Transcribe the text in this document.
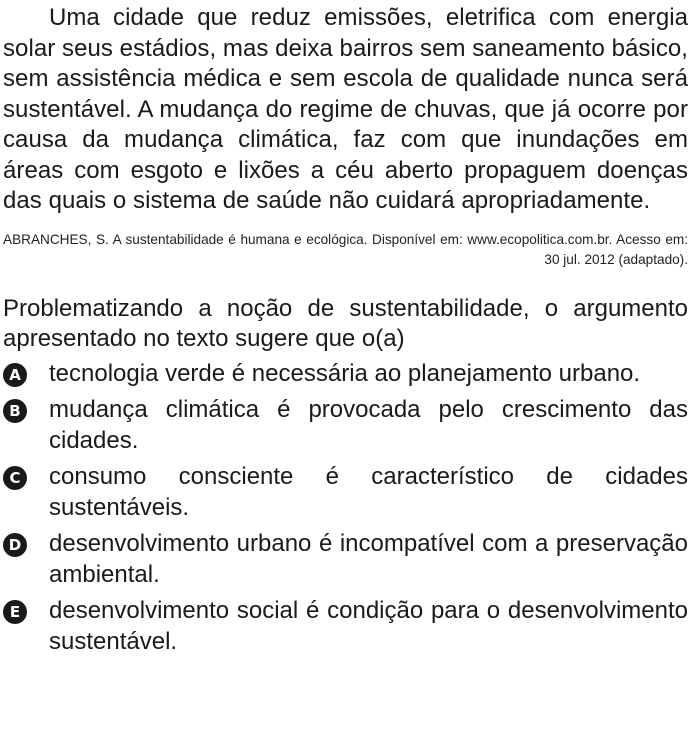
Uma cidade que reduz emissões, eletrifica com energia solar seus estádios, mas deixa bairros sem saneamento básico, sem assistência médica e sem escola de qualidade nunca será sustentável. A mudança do regime de chuvas, que já ocorre por causa da mudança climática, faz com que inundações em áreas com esgoto e lixões a céu aberto propaguem doenças das quais o sistema de saúde não cuidará apropriadamente.

ABRANCHES, S. A sustentabilidade é humana e ecológica. Disponível em: www.ecopolitica.com.br. Acesso em: 30 jul. 2012 (adaptado).

Problematizando a noção de sustentabilidade, o argumento apresentado no texto sugere que o(a)

A tecnologia verde é necessária ao planejamento urbano.
B mudança climática é provocada pelo crescimento das cidades.
C consumo consciente é característico de cidades sustentáveis.
D desenvolvimento urbano é incompatível com a preservação ambiental.
E desenvolvimento social é condição para o desenvolvimento sustentável.
